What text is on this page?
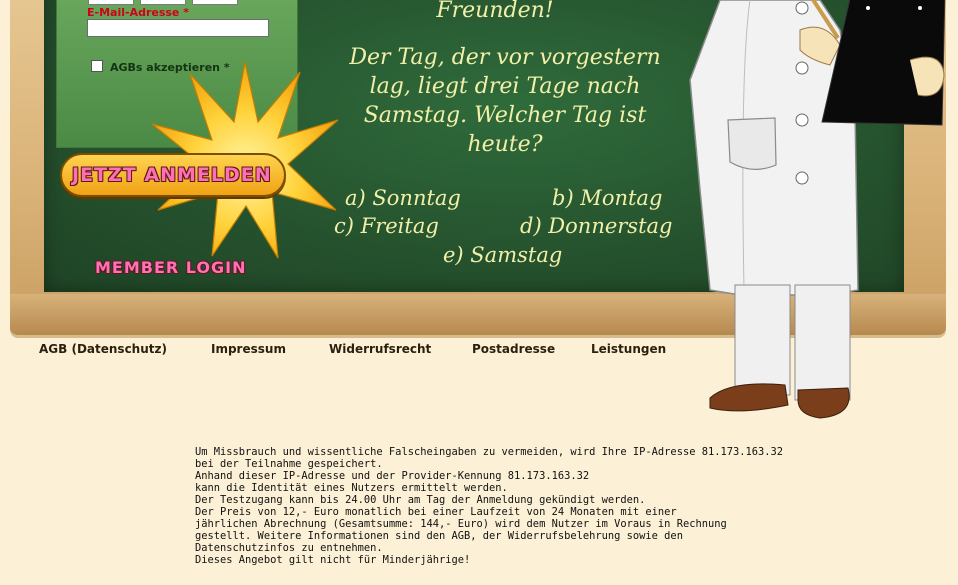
E-Mail-Adresse *
AGBs akzeptieren *
JETZT ANMELDEN
MEMBER LOGIN
Freunden!
Der Tag, der vor vorgestern
lag, liegt drei Tage nach
Samstag. Welcher Tag ist
heute?
a) Sonntag	b) Montag
c) Freitag	d) Donnerstag
e) Samstag
AGB (Datenschutz)	Impressum	Widerrufsrecht	Postadresse	Leistungen
Um Missbrauch und wissentliche Falscheingaben zu vermeiden, wird Ihre IP-Adresse 81.173.163.32
bei der Teilnahme gespeichert.
Anhand dieser IP-Adresse und der Provider-Kennung 81.173.163.32
kann die Identität eines Nutzers ermittelt werden.
Der Testzugang kann bis 24.00 Uhr am Tag der Anmeldung gekündigt werden.
Der Preis von 12,- Euro monatlich bei einer Laufzeit von 24 Monaten mit einer
jährlichen Abrechnung (Gesamtsumme: 144,- Euro) wird dem Nutzer im Voraus in Rechnung
gestellt. Weitere Informationen sind den AGB, der Widerrufsbelehrung sowie den
Datenschutzinfos zu entnehmen.
Dieses Angebot gilt nicht für Minderjährige!
